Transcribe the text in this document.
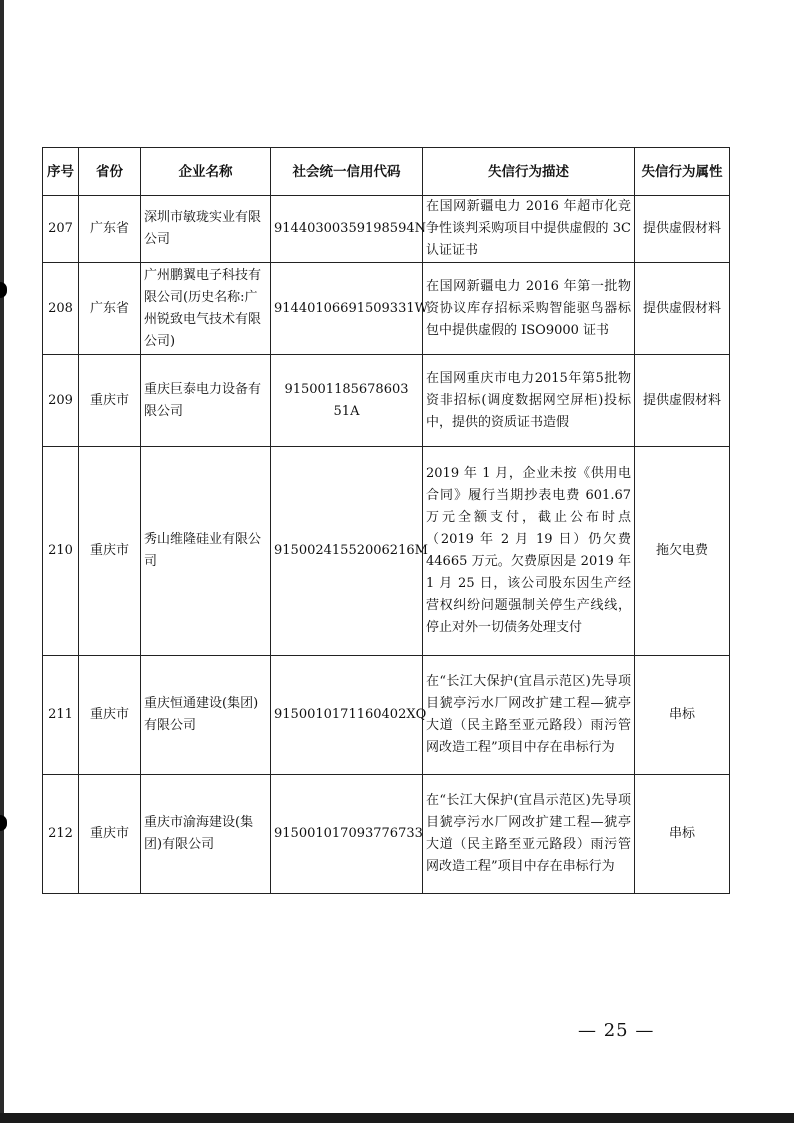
序号	省份	企业名称	社会统一信用代码	失信行为描述	失信行为属性
207	广东省	深圳市敏珑实业有限公司	91440300359198594N	在国网新疆电力 2016 年超市化竞争性谈判采购项目中提供虚假的 3C 认证证书	提供虚假材料
208	广东省	广州鹏翼电子科技有限公司(历史名称:广州锐致电气技术有限公司)	91440106691509331W	在国网新疆电力 2016 年第一批物资协议库存招标采购智能驱鸟器标包中提供虚假的 ISO9000 证书	提供虚假材料
209	重庆市	重庆巨泰电力设备有限公司	915001185678603​51A	在国网重庆市电力2015年第5批物资非招标(调度数据网空屏柜)投标中，提供的资质证书造假	提供虚假材料
210	重庆市	秀山维隆硅业有限公司	91500241552006216M	2019 年 1 月，企业未按《供用电合同》履行当期抄表电费 601.67 万元全额支付，截止公布时点（2019 年 2 月 19 日）仍欠费 44665 万元。欠费原因是 2019 年 1 月 25 日，该公司股东因生产经营权纠纷问题强制关停生产线线，停止对外一切债务处理支付	拖欠电费
211	重庆市	重庆恒通建设(集团)有限公司	9150010171160402XQ	在“长江大保护(宜昌示范区)先导项目猇亭污水厂网改扩建工程—猇亭大道（民主路至亚元路段）雨污管网改造工程”项目中存在串标行为	串标
212	重庆市	重庆市渝海建设(集团)有限公司	915001017093776733	在“长江大保护(宜昌示范区)先导项目猇亭污水厂网改扩建工程—猇亭大道（民主路至亚元路段）雨污管网改造工程”项目中存在串标行为	串标
— 25 —
